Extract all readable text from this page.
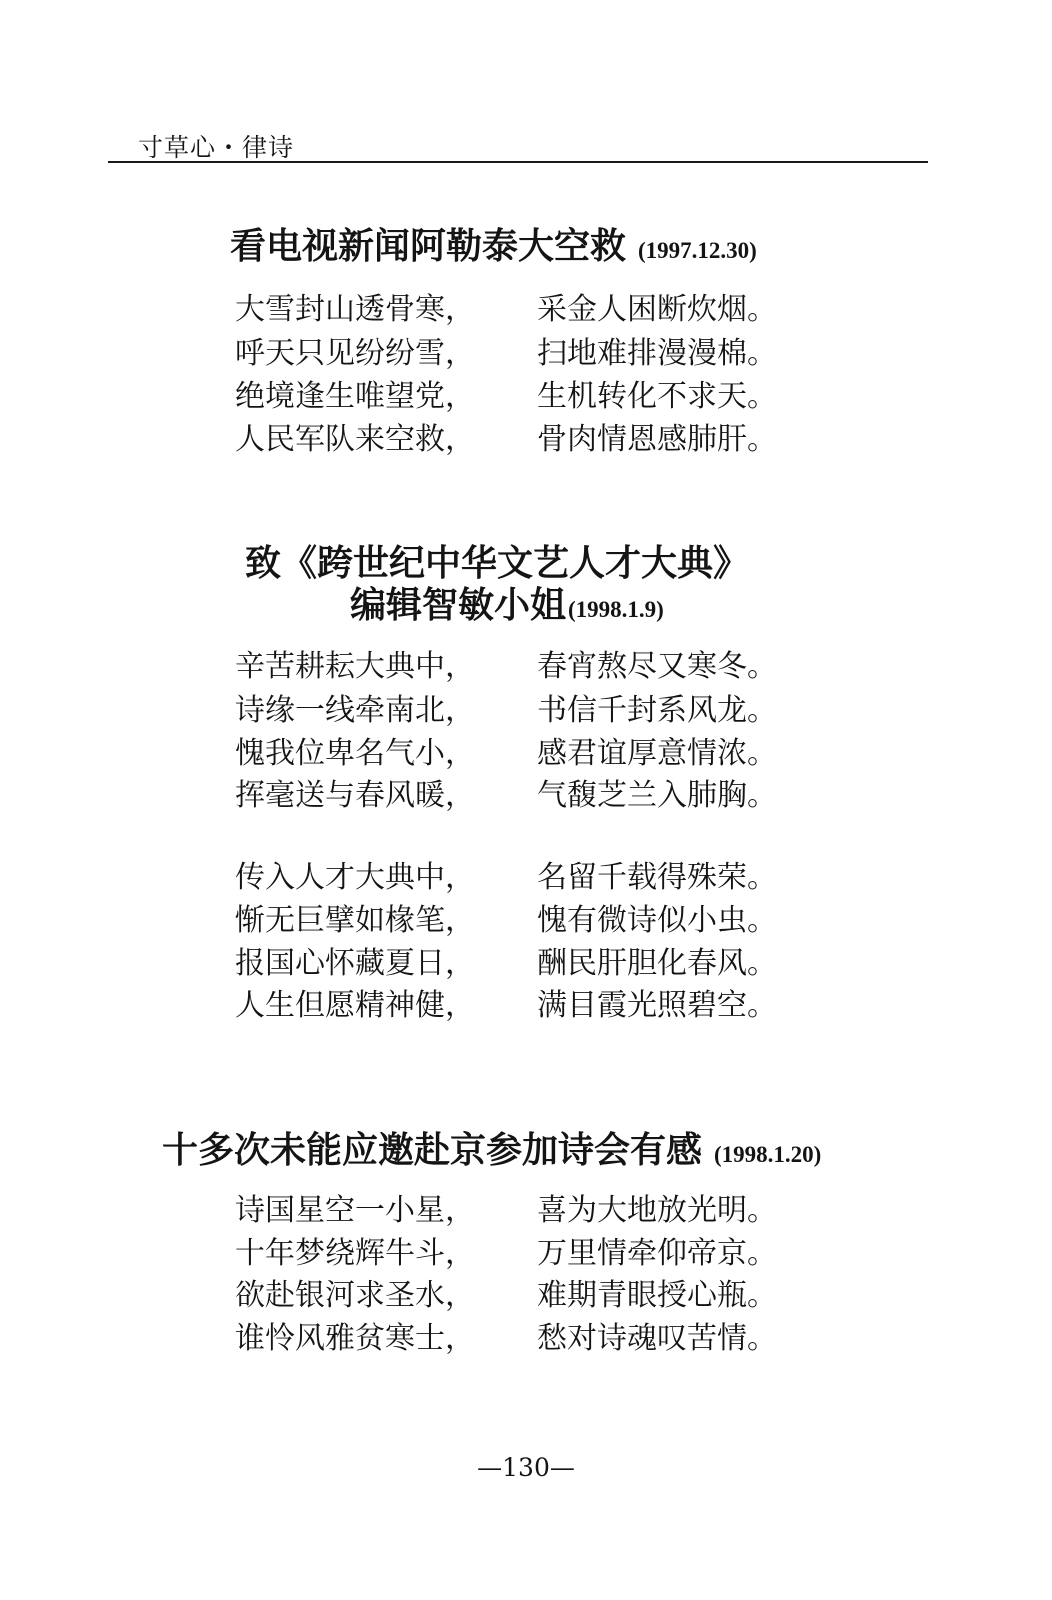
寸草心・律诗
看电视新闻阿勒泰大空救 (1997.12.30)
大雪封山透骨寒， 采金人困断炊烟。
呼天只见纷纷雪， 扫地难排漫漫棉。
绝境逢生唯望党， 生机转化不求天。
人民军队来空救， 骨肉情恩感肺肝。
致《跨世纪中华文艺人才大典》
编辑智敏小姐(1998.1.9)
辛苦耕耘大典中， 春宵熬尽又寒冬。
诗缘一线牵南北， 书信千封系风龙。
愧我位卑名气小， 感君谊厚意情浓。
挥毫送与春风暖， 气馥芝兰入肺胸。
传入人才大典中， 名留千载得殊荣。
惭无巨擘如椽笔， 愧有微诗似小虫。
报国心怀藏夏日， 酬民肝胆化春风。
人生但愿精神健， 满目霞光照碧空。
十多次未能应邀赴京参加诗会有感 (1998.1.20)
诗国星空一小星， 喜为大地放光明。
十年梦绕辉牛斗， 万里情牵仰帝京。
欲赴银河求圣水， 难期青眼授心瓶。
谁怜风雅贫寒士， 愁对诗魂叹苦情。
—130—
